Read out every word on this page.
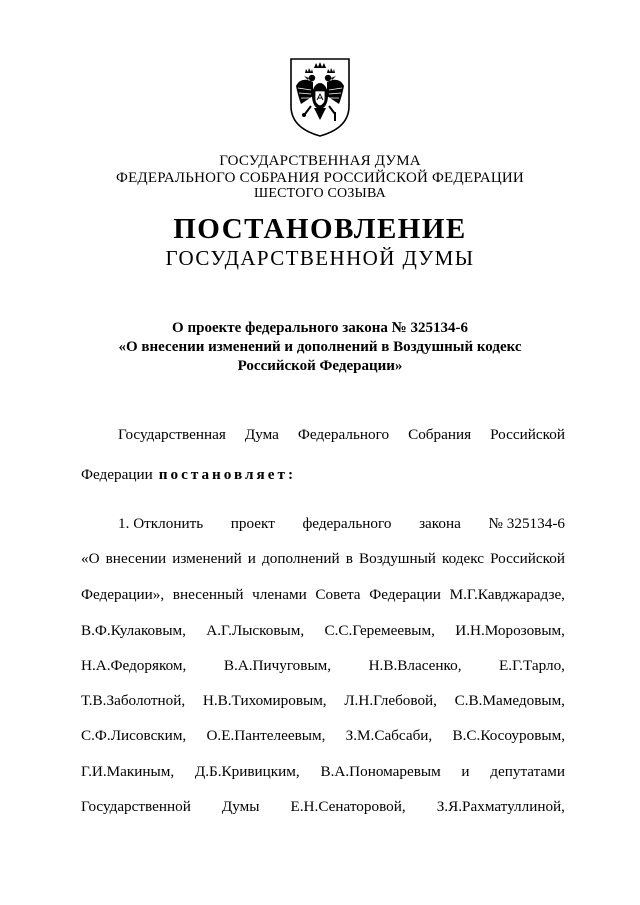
ГОСУДАРСТВЕННАЯ ДУМА
ФЕДЕРАЛЬНОГО СОБРАНИЯ РОССИЙСКОЙ ФЕДЕРАЦИИ
ШЕСТОГО СОЗЫВА
ПОСТАНОВЛЕНИЕ
ГОСУДАРСТВЕННОЙ ДУМЫ
О проекте федерального закона № 325134-6
«О внесении изменений и дополнений в Воздушный кодекс
Российской Федерации»
Государственная Дума Федерального Собрания Российской
Федерации постановляет:
1. Отклонить проект федерального закона № 325134-6
«О внесении изменений и дополнений в Воздушный кодекс Российской
Федерации», внесенный членами Совета Федерации М.Г.Кавджарадзе,
В.Ф.Кулаковым, А.Г.Лысковым, С.С.Геремеевым, И.Н.Морозовым,
Н.А.Федоряком, В.А.Пичуговым, Н.В.Власенко, Е.Г.Тарло,
Т.В.Заболотной, Н.В.Тихомировым, Л.Н.Глебовой, С.В.Мамедовым,
С.Ф.Лисовским, О.Е.Пантелеевым, З.М.Сабсаби, В.С.Косоуровым,
Г.И.Макиным, Д.Б.Кривицким, В.А.Пономаревым и депутатами
Государственной Думы Е.Н.Сенаторовой, З.Я.Рахматуллиной,
